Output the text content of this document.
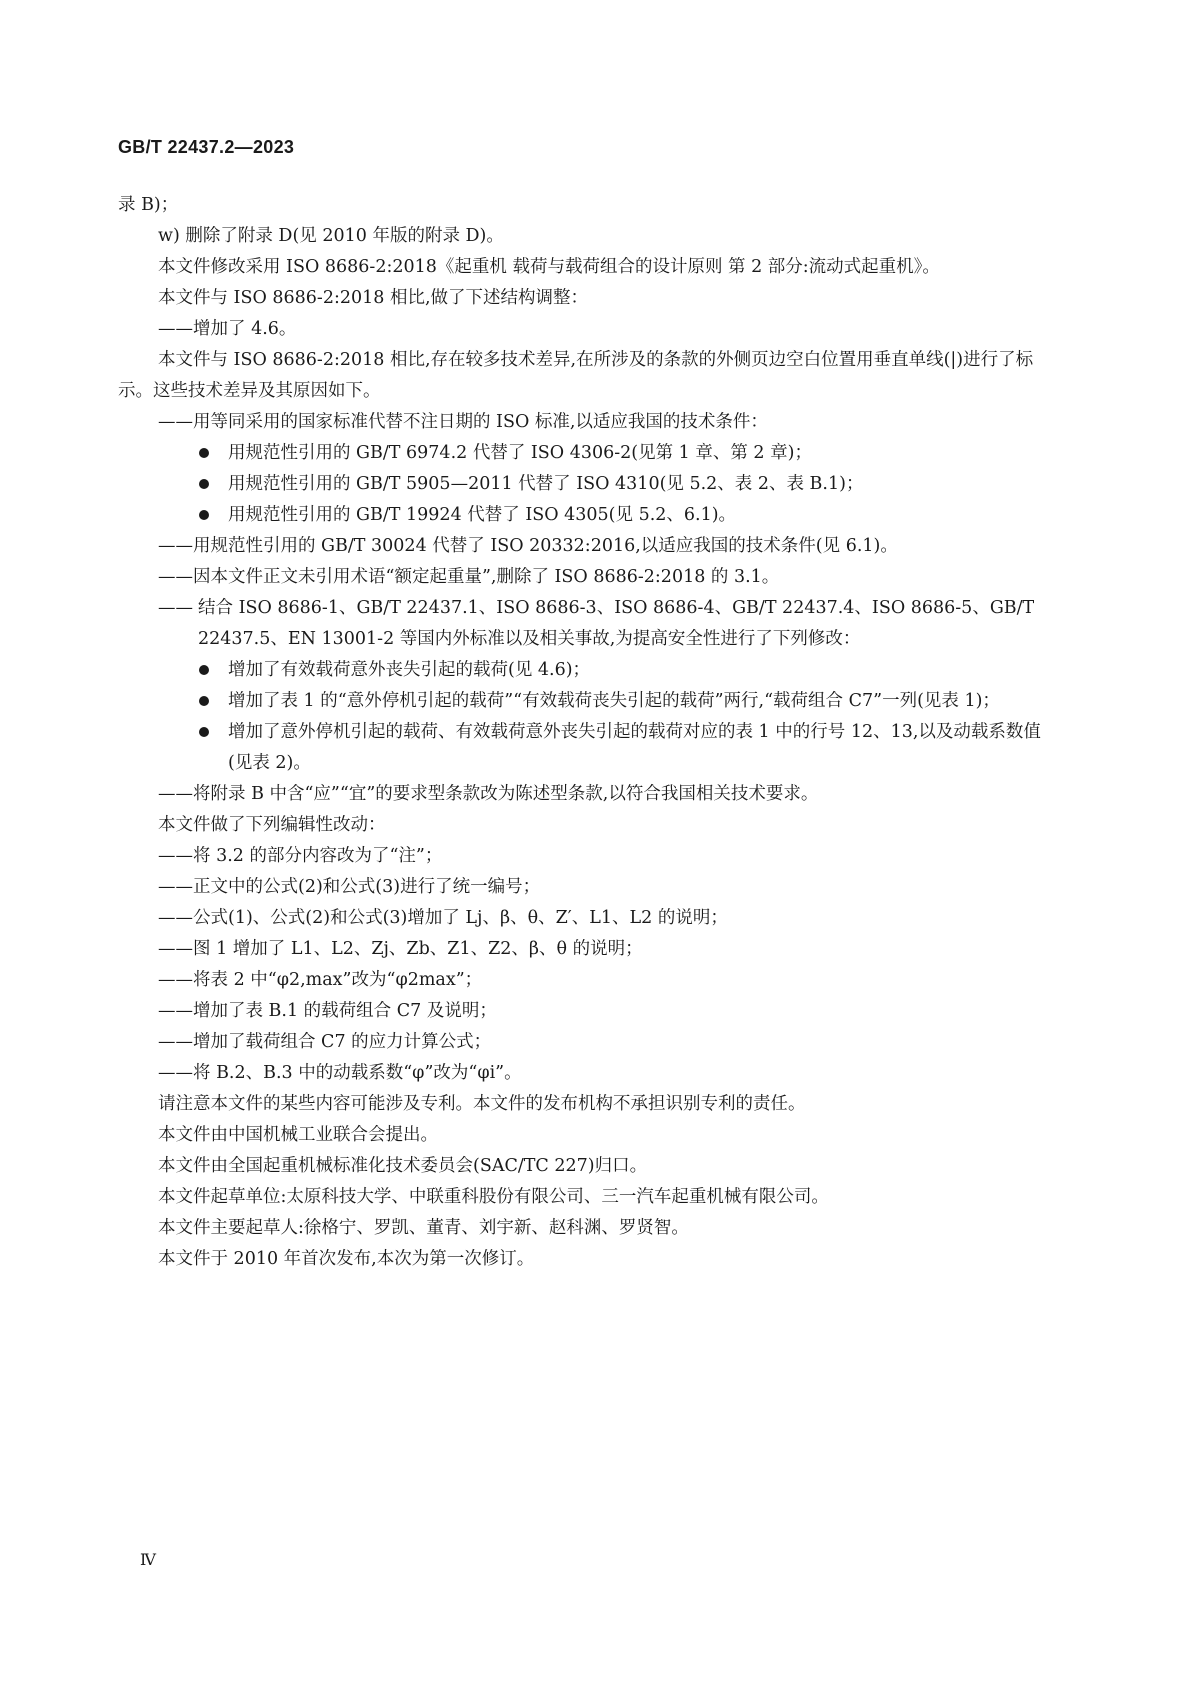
GB/T 22437.2—2023

录 B)；

w) 删除了附录 D(见 2010 年版的附录 D)。

本文件修改采用 ISO 8686-2:2018《起重机 载荷与载荷组合的设计原则 第 2 部分:流动式起重机》。

本文件与 ISO 8686-2:2018 相比,做了下述结构调整：

——增加了 4.6。

本文件与 ISO 8686-2:2018 相比,存在较多技术差异,在所涉及的条款的外侧页边空白位置用垂直单线(|)进行了标示。这些技术差异及其原因如下。

——用等同采用的国家标准代替不注日期的 ISO 标准,以适应我国的技术条件：

用规范性引用的 GB/T 6974.2 代替了 ISO 4306-2(见第 1 章、第 2 章)；
用规范性引用的 GB/T 5905—2011 代替了 ISO 4310(见 5.2、表 2、表 B.1)；
用规范性引用的 GB/T 19924 代替了 ISO 4305(见 5.2、6.1)。

——用规范性引用的 GB/T 30024 代替了 ISO 20332:2016,以适应我国的技术条件(见 6.1)。

——因本文件正文未引用术语“额定起重量”,删除了 ISO 8686-2:2018 的 3.1。

—— 结合 ISO 8686-1、GB/T 22437.1、ISO 8686-3、ISO 8686-4、GB/T 22437.4、ISO 8686-5、GB/T 22437.5、EN 13001-2 等国内外标准以及相关事故,为提高安全性进行了下列修改：
增加了有效载荷意外丧失引起的载荷(见 4.6)；
增加了表 1 的“意外停机引起的载荷”“有效载荷丧失引起的载荷”两行,“载荷组合 C7”一列(见表 1)；
增加了意外停机引起的载荷、有效载荷意外丧失引起的载荷对应的表 1 中的行号 12、13,以及动载系数值(见表 2)。

——将附录 B 中含“应”“宜”的要求型条款改为陈述型条款,以符合我国相关技术要求。

本文件做了下列编辑性改动：

——将 3.2 的部分内容改为了“注”；

——正文中的公式(2)和公式(3)进行了统一编号；

——公式(1)、公式(2)和公式(3)增加了 Lj、β、θ、Z′、L1、L2 的说明；

——图 1 增加了 L1、L2、Zj、Zb、Z1、Z2、β、θ 的说明；

——将表 2 中“φ2,max”改为“φ2max”；

——增加了表 B.1 的载荷组合 C7 及说明；

——增加了载荷组合 C7 的应力计算公式；

——将 B.2、B.3 中的动载系数“φ”改为“φi”。

请注意本文件的某些内容可能涉及专利。本文件的发布机构不承担识别专利的责任。

本文件由中国机械工业联合会提出。

本文件由全国起重机械标准化技术委员会(SAC/TC 227)归口。

本文件起草单位:太原科技大学、中联重科股份有限公司、三一汽车起重机械有限公司。

本文件主要起草人:徐格宁、罗凯、董青、刘宇新、赵科渊、罗贤智。

本文件于 2010 年首次发布,本次为第一次修订。

Ⅳ
